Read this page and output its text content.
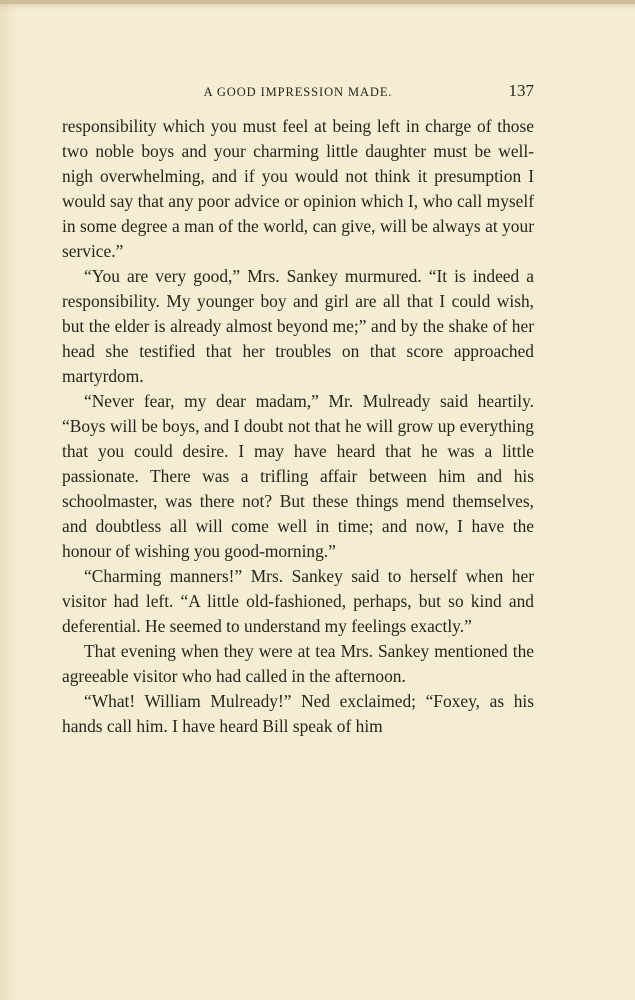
A GOOD IMPRESSION MADE.	137

responsibility which you must feel at being left in charge of those two noble boys and your charming little daughter must be well-nigh overwhelming, and if you would not think it presumption I would say that any poor advice or opinion which I, who call myself in some degree a man of the world, can give, will be always at your service.”

“You are very good,” Mrs. Sankey murmured. “It is indeed a responsibility. My younger boy and girl are all that I could wish, but the elder is already almost beyond me;” and by the shake of her head she testified that her troubles on that score approached martyrdom.

“Never fear, my dear madam,” Mr. Mulready said heartily. “Boys will be boys, and I doubt not that he will grow up everything that you could desire. I may have heard that he was a little passionate. There was a trifling affair between him and his schoolmaster, was there not? But these things mend themselves, and doubtless all will come well in time; and now, I have the honour of wishing you good-morning.”

“Charming manners!” Mrs. Sankey said to herself when her visitor had left. “A little old-fashioned, perhaps, but so kind and deferential. He seemed to understand my feelings exactly.”

That evening when they were at tea Mrs. Sankey mentioned the agreeable visitor who had called in the afternoon.

“What! William Mulready!” Ned exclaimed; “Foxey, as his hands call him. I have heard Bill speak of him
